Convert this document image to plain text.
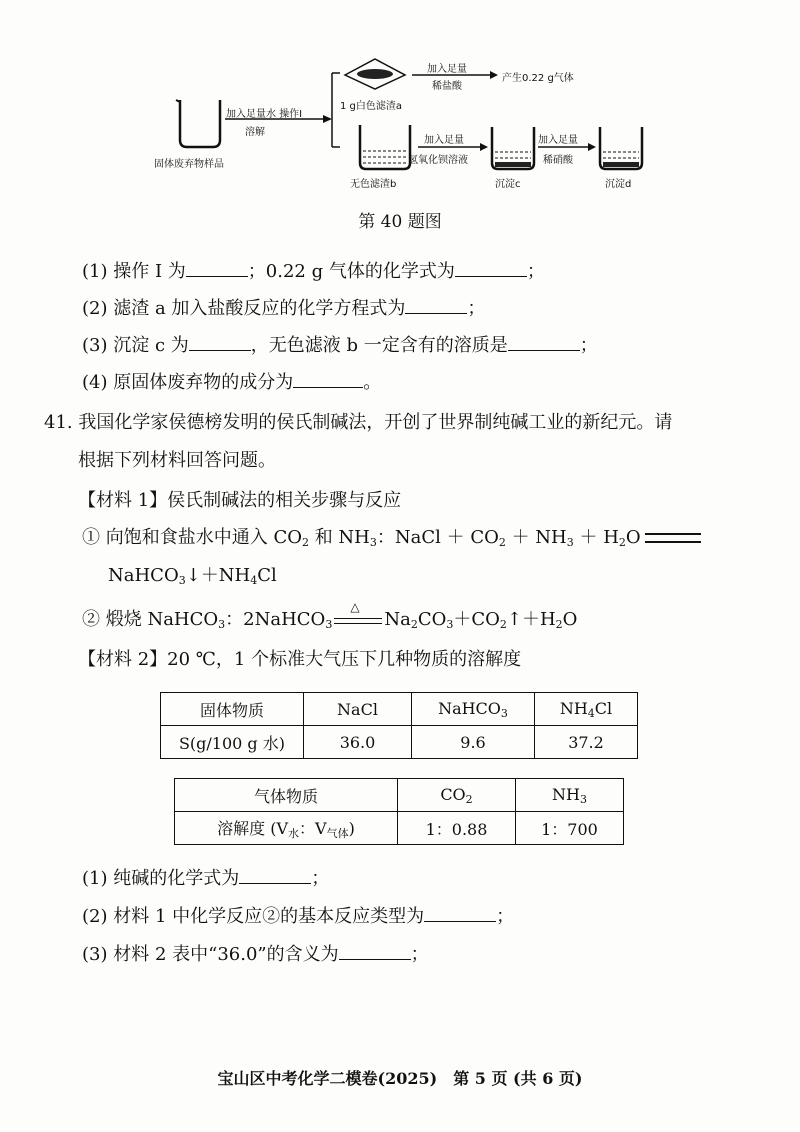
固体废弃物样品
加入足量水 操作Ⅰ
溶解
1 g白色滤渣a
加入足量
稀盐酸
产生0.22 g气体
无色滤渣b
加入足量
氢氧化钡溶液
沉淀c
加入足量
稀硝酸
沉淀d
第 40 题图
(1) 操作 Ⅰ 为	；0.22 g 气体的化学式为	；
(2) 滤渣 a 加入盐酸反应的化学方程式为	；
(3) 沉淀 c 为	，无色滤液 b 一定含有的溶质是	；
(4) 原固体废弃物的成分为	。
41. 我国化学家侯德榜发明的侯氏制碱法，开创了世界制纯碱工业的新纪元。请
根据下列材料回答问题。
【材料 1】侯氏制碱法的相关步骤与反应
① 向饱和食盐水中通入 $CO_2$ 和 $NH_3$：NaCl ＋ $CO_2 + NH_3 + H_2O$
$NaHCO_3↓+NH_4Cl$
② 煅烧 NaHCO$_3$：2NaHCO$_3$
△
$Na_2CO_3+CO_2↑+H_2O$
【材料 2】20 ℃，1 个标准大气压下几种物质的溶解度
固体物质	NaCl	NaHCO$_3$	$NH_4Cl$
S(g/100 g 水)	36.0	9.6	37.2
气体物质	$CO_2$	$NH_3$
溶解度 ($V_水$：$V_{气体}$)	1：0.88	1：700
(1) 纯碱的化学式为	；
(2) 材料 1 中化学反应②的基本反应类型为	；
(3) 材料 2 表中“36.0”的含义为	；
宝山区中考化学二模卷(2025)　第 5 页 (共 6 页)
